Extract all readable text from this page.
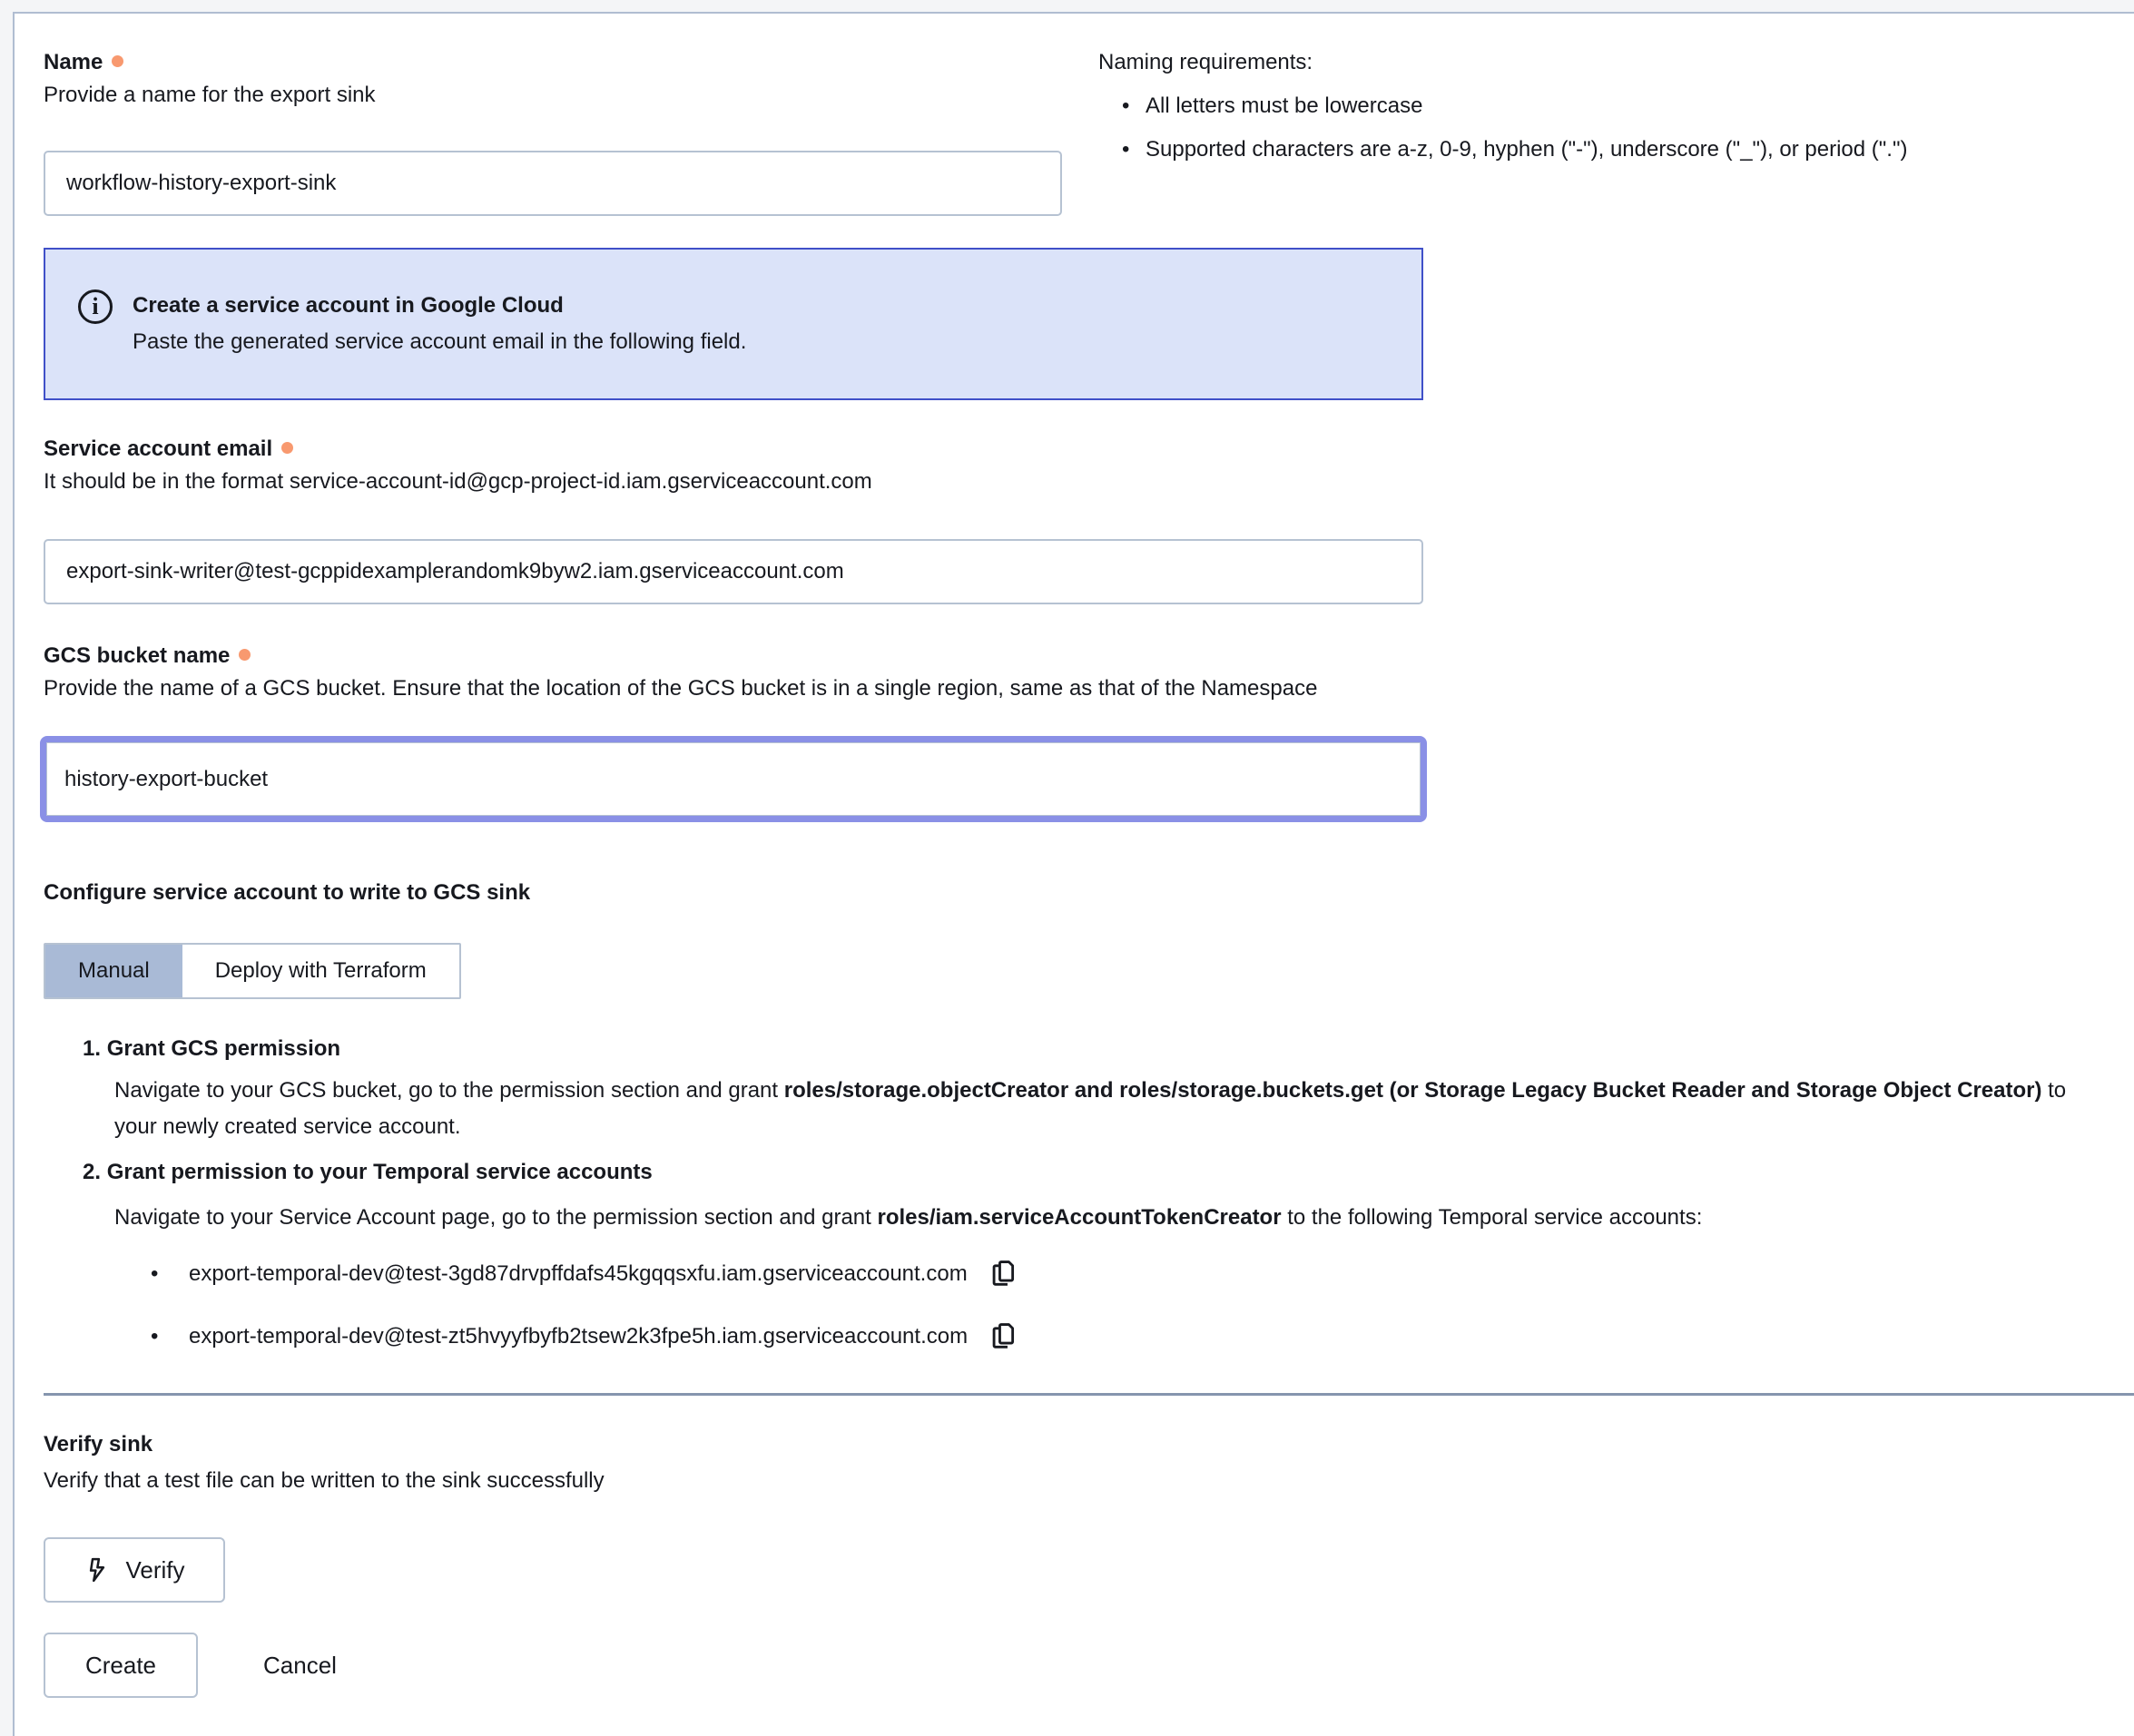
Name
Provide a name for the export sink
workflow-history-export-sink
Naming requirements:
• All letters must be lowercase
• Supported characters are a-z, 0-9, hyphen ("-"), underscore ("_"), or period (".")
i	Create a service account in Google Cloud
Paste the generated service account email in the following field.
Service account email
It should be in the format service-account-id@gcp-project-id.iam.gserviceaccount.com
export-sink-writer@test-gcppidexamplerandomk9byw2.iam.gserviceaccount.com
GCS bucket name
Provide the name of a GCS bucket. Ensure that the location of the GCS bucket is in a single region, same as that of the Namespace
history-export-bucket
Configure service account to write to GCS sink
Manual	Deploy with Terraform
1. Grant GCS permission
Navigate to your GCS bucket, go to the permission section and grant roles/storage.objectCreator and roles/storage.buckets.get (or Storage Legacy Bucket Reader and Storage Object Creator) to your newly created service account.
2. Grant permission to your Temporal service accounts
Navigate to your Service Account page, go to the permission section and grant roles/iam.serviceAccountTokenCreator to the following Temporal service accounts:
•	export-temporal-dev@test-3gd87drvpffdafs45kgqqsxfu.iam.gserviceaccount.com
•	export-temporal-dev@test-zt5hvyyfbyfb2tsew2k3fpe5h.iam.gserviceaccount.com
Verify sink
Verify that a test file can be written to the sink successfully
Verify
Create	Cancel
